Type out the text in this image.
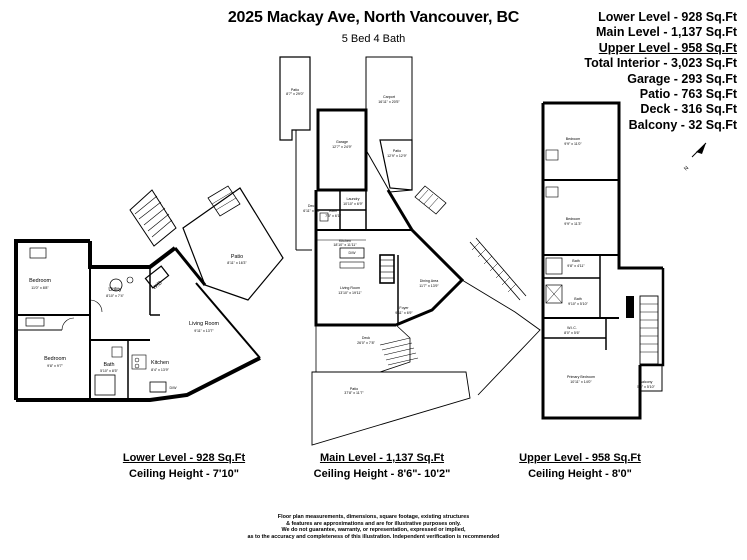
2025 Mackay Ave, North Vancouver, BC
5 Bed 4 Bath
Lower Level - 928 Sq.Ft
Main Level - 1,137 Sq.Ft
Upper Level - 958 Sq.Ft
Total Interior - 3,023 Sq.Ft
Garage - 293 Sq.Ft
Patio - 763 Sq.Ft
Deck - 316 Sq.Ft
Balcony - 32 Sq.Ft
N
Bedroom
11'0" x 8'8"	Utility
8'10" x 7'4"
W/D
Bedroom
9'8" x 9'7"	Bath
5'10" x 8'5"
Kitchen
8'4" x 13'9"
Living Room
9'11" x 13'7"
Patio
8'11" x 16'3"
D/W
Patio
8'7" x 29'0"
Carport
16'11" x 20'5"
Garage
12'7" x 24'9"
Patio
12'9" x 12'9"
Deck
6'11" x 3'5" Bath
7'5" x 6'1"
Laundry
10'10" x 6'9"
Kitchen
18'10" x 11'11"
D/W
Living Room
13'10" x 19'11"
Dining Area
11'7" x 13'9"
Foyer
9'11" x 6'9"
Deck
26'0" x 7'8"
Patio
37'8" x 11'7"
Bedroom
9'9" x 11'0"
Bedroom
9'9" x 11'3"
Bath
9'8" x 4'11"
Bath
9'10" x 5'10"
W.I.C.
8'0" x 5'6"
Primary Bedroom
10'11" x 14'0"	Balcony
5'5" x 5'10"
Lower Level - 928 Sq.Ft
Ceiling Height - 7'10"
Main Level - 1,137 Sq.Ft
Ceiling Height - 8'6"- 10'2"
Upper Level - 958 Sq.Ft
Ceiling Height - 8'0"
Floor plan measurements, dimensions, square footage, existing structures
& features are approximations and are for illustrative purposes only.
We do not guarantee, warranty, or representation, expressed or implied,
as to the accuracy and completeness of this illustration. Independent verification is recommended
